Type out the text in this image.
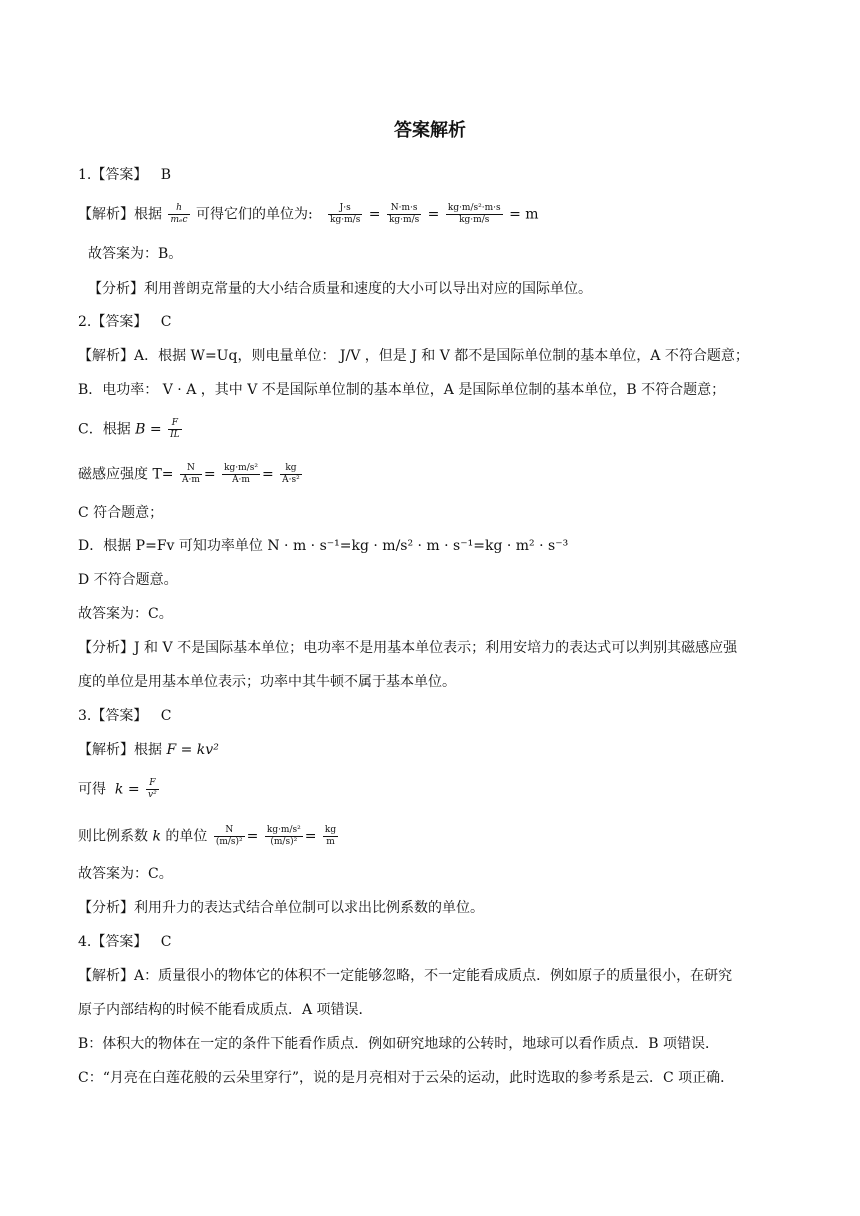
答案解析
1.【答案】 B
【解析】根据 $\frac{h}{\text{mₑc}}$ 可得它们的单位为: $\frac{J\cdot s}{kg\cdot m/s} = \frac{N\cdot m\cdot s}{kg\cdot m/s} = \frac{\text{kg·m/s²·m·s}}{kg\cdot m/s} = m$
故答案为：B。
【分析】利用普朗克常量的大小结合质量和速度的大小可以导出对应的国际单位。
2.【答案】 C
【解析】A．根据 W=Uq，则电量单位： J/V ，但是 J 和 V 都不是国际单位制的基本单位，A 不符合题意；
B．电功率： V · A ，其中 V 不是国际单位制的基本单位，A 是国际单位制的基本单位，B 不符合题意；
C．根据 $B = \frac{F}{IL}$
磁感应强度 $T= \frac{N}{A\cdot m} = \frac{\text{kg·m/s²}}{A\cdot m} = \frac{kg}{\text{A·s²}}$
C 符合题意；
D．根据 P=Fv 可知功率单位 N · m · s⁻¹=kg · m/s² · m · s⁻¹=kg · m² · s⁻³
D 不符合题意。
故答案为：C。
【分析】J 和 V 不是国际基本单位；电功率不是用基本单位表示；利用安培力的表达式可以判别其磁感应强
度的单位是用基本单位表示；功率中其牛顿不属于基本单位。
3.【答案】 C
【解析】根据 F = kv²
可得 $k = \frac{F}{\text{v²}}$
则比例系数 k 的单位 $\frac{N}{\text{(m/s)²}} = \frac{\text{kg·m/s²}}{\text{(m/s)²}} = \frac{kg}{m}$
故答案为：C。
【分析】利用升力的表达式结合单位制可以求出比例系数的单位。
4.【答案】 C
【解析】A：质量很小的物体它的体积不一定能够忽略，不一定能看成质点．例如原子的质量很小，在研究
原子内部结构的时候不能看成质点．A 项错误．
B：体积大的物体在一定的条件下能看作质点．例如研究地球的公转时，地球可以看作质点．B 项错误．
C：“月亮在白莲花般的云朵里穿行”，说的是月亮相对于云朵的运动，此时选取的参考系是云．C 项正确．
